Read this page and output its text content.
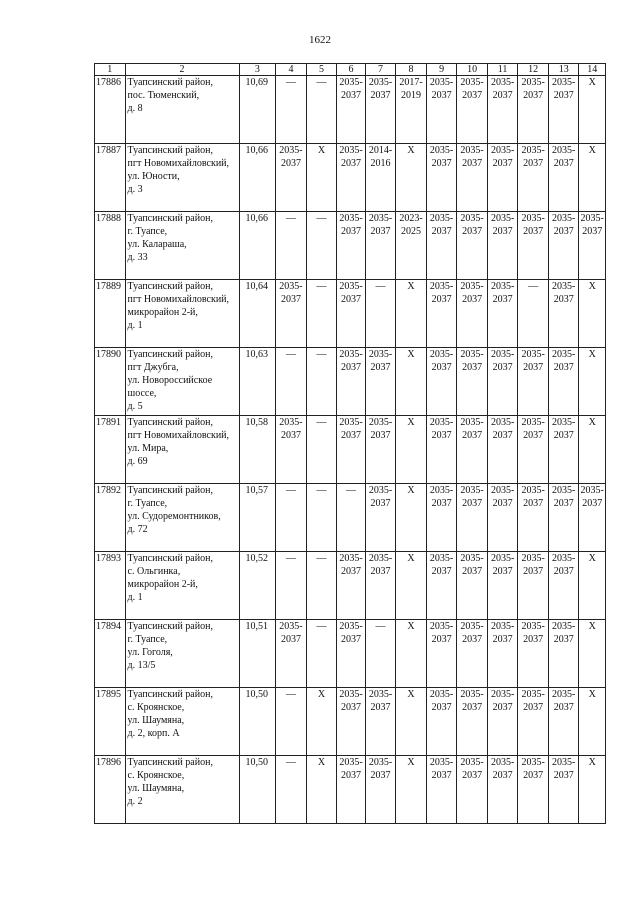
1622
1	2	3	4	5	6	7	8	9	10	11	12	13	14
17886	Туапсинский район,
пос. Тюменский,
д. 8	10,69	—	—	2035-
2037	2035-
2037	2017-
2019	2035-
2037	2035-
2037	2035-
2037	2035-
2037	2035-
2037	X
17887	Туапсинский район,
пгт Новомихайловский,
ул. Юности,
д. 3	10,66	2035-
2037	X	2035-
2037	2014-
2016	X	2035-
2037	2035-
2037	2035-
2037	2035-
2037	2035-
2037	X
17888	Туапсинский район,
г. Туапсе,
ул. Калараша,
д. 33	10,66	—	—	2035-
2037	2035-
2037	2023-
2025	2035-
2037	2035-
2037	2035-
2037	2035-
2037	2035-
2037	2035-
2037
17889	Туапсинский район,
пгт Новомихайловский,
микрорайон 2-й,
д. 1	10,64	2035-
2037	—	2035-
2037	—	X	2035-
2037	2035-
2037	2035-
2037	—	2035-
2037	X
17890	Туапсинский район,
пгт Джубга,
ул. Новороссийское
шоссе,
д. 5	10,63	—	—	2035-
2037	2035-
2037	X	2035-
2037	2035-
2037	2035-
2037	2035-
2037	2035-
2037	X
17891	Туапсинский район,
пгт Новомихайловский,
ул. Мира,
д. 69	10,58	2035-
2037	—	2035-
2037	2035-
2037	X	2035-
2037	2035-
2037	2035-
2037	2035-
2037	2035-
2037	X
17892	Туапсинский район,
г. Туапсе,
ул. Судоремонтников,
д. 72	10,57	—	—	—	2035-
2037	X	2035-
2037	2035-
2037	2035-
2037	2035-
2037	2035-
2037	2035-
2037
17893	Туапсинский район,
с. Ольгинка,
микрорайон 2-й,
д. 1	10,52	—	—	2035-
2037	2035-
2037	X	2035-
2037	2035-
2037	2035-
2037	2035-
2037	2035-
2037	X
17894	Туапсинский район,
г. Туапсе,
ул. Гоголя,
д. 13/5	10,51	2035-
2037	—	2035-
2037	—	X	2035-
2037	2035-
2037	2035-
2037	2035-
2037	2035-
2037	X
17895	Туапсинский район,
с. Кроянское,
ул. Шаумяна,
д. 2, корп. А	10,50	—	X	2035-
2037	2035-
2037	X	2035-
2037	2035-
2037	2035-
2037	2035-
2037	2035-
2037	X
17896	Туапсинский район,
с. Кроянское,
ул. Шаумяна,
д. 2	10,50	—	X	2035-
2037	2035-
2037	X	2035-
2037	2035-
2037	2035-
2037	2035-
2037	2035-
2037	X
